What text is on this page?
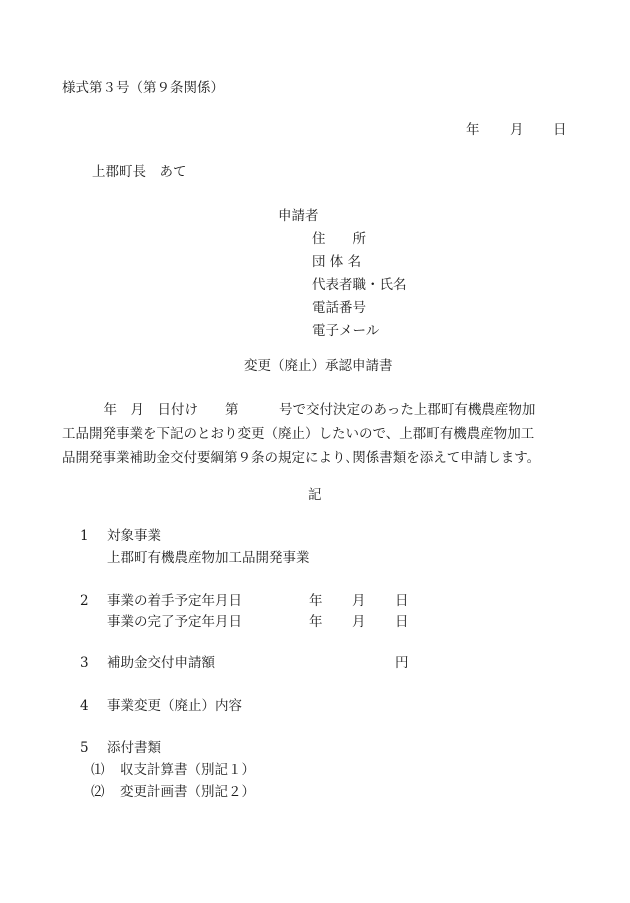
様式第３号（第９条関係）
年 月 日
上郡町長　あて
申請者
住　　所
団 体 名
代表者職・氏名
電話番号
電子メール
変更（廃止）承認申請書
　年　月　日付け　　第　　　号で交付決定のあった上郡町有機農産物加
工品開発事業を下記のとおり変更（廃止）したいので、上郡町有機農産物加工
品開発事業補助金交付要綱第９条の規定により､関係書類を添えて申請します。
記
1 対象事業
上郡町有機農産物加工品開発事業
2 事業の着手予定年月日	年 月 日
事業の完了予定年月日	年 月 日
3 補助金交付申請額	円
4 事業変更（廃止）内容
5 添付書類
⑴ 収支計算書（別記１）
⑵ 変更計画書（別記２）
